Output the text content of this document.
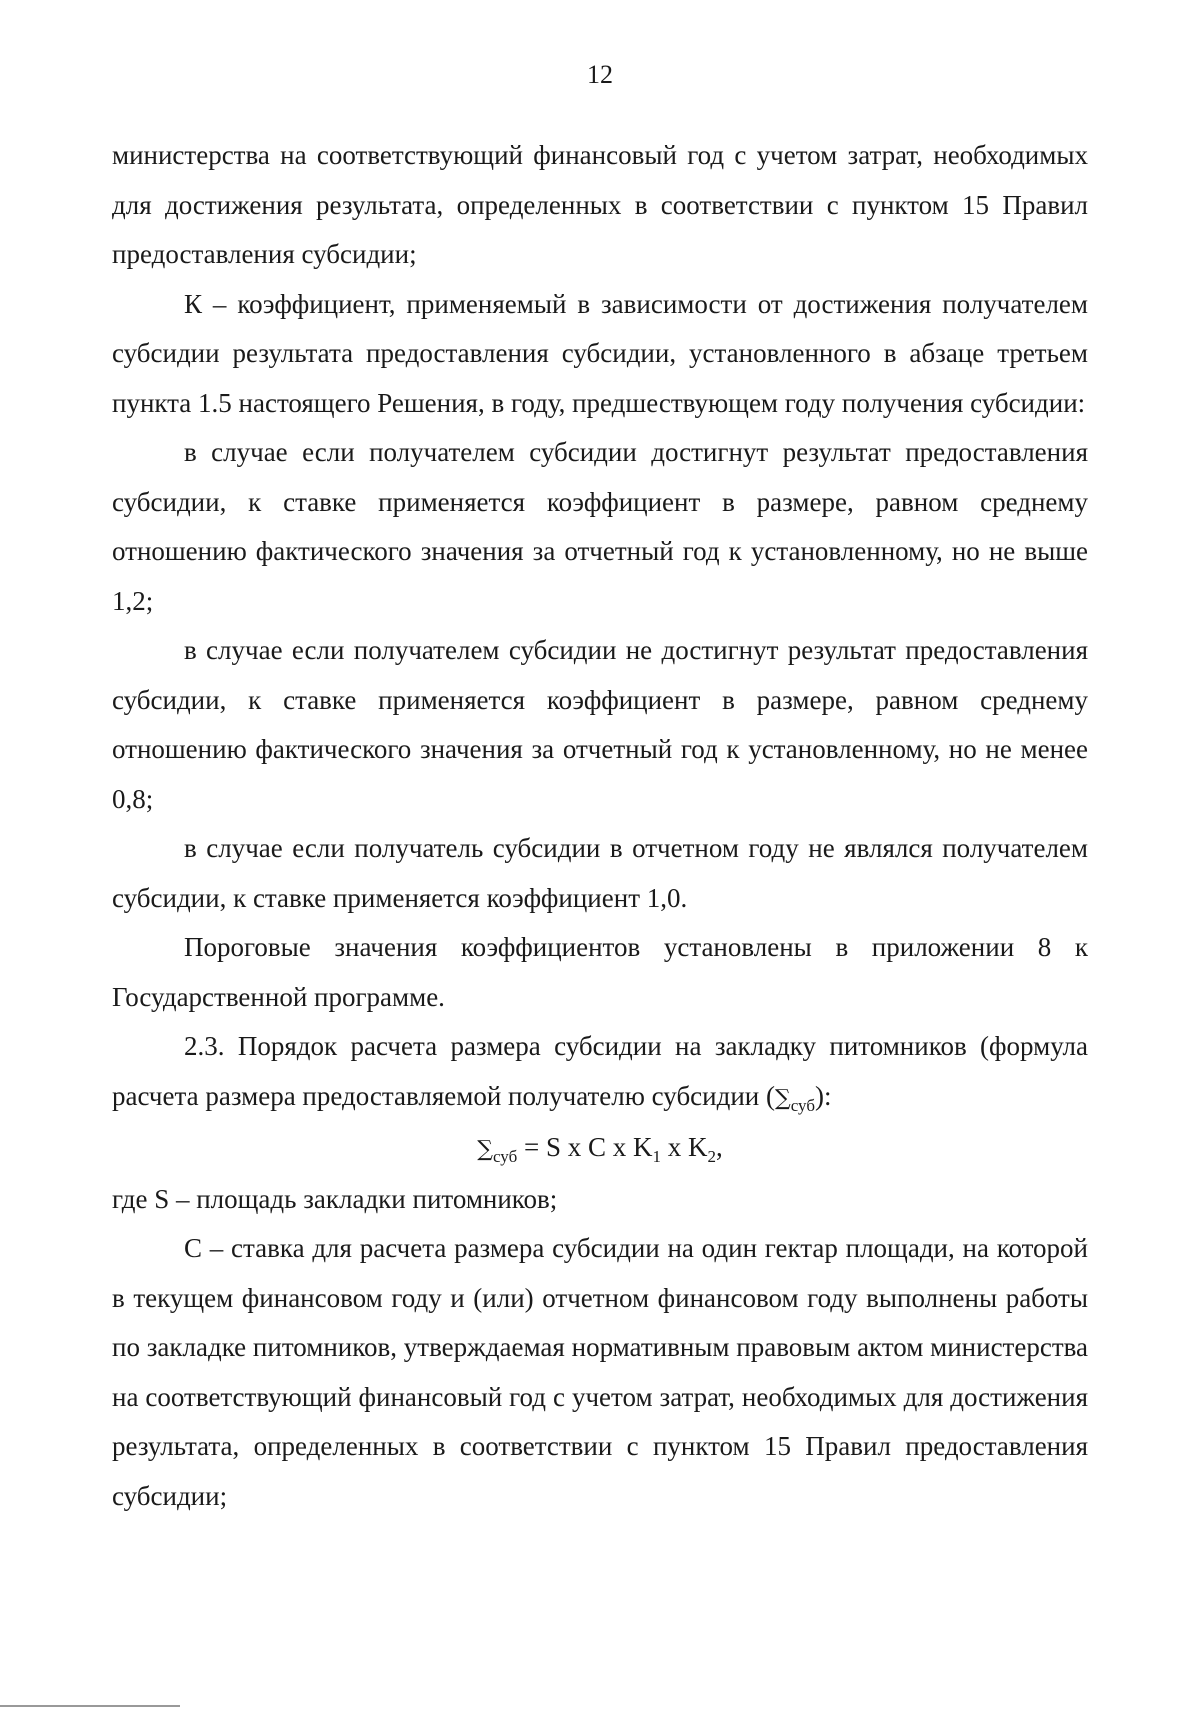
12

министерства на соответствующий финансовый год с учетом затрат, необходимых для достижения результата, определенных в соответствии с пунктом 15 Правил предоставления субсидии;

К – коэффициент, применяемый в зависимости от достижения получателем субсидии результата предоставления субсидии, установленного в абзаце третьем пункта 1.5 настоящего Решения, в году, предшествующем году получения субсидии:

в случае если получателем субсидии достигнут результат предоставления субсидии, к ставке применяется коэффициент в размере, равном среднему отношению фактического значения за отчетный год к установленному, но не выше 1,2;

в случае если получателем субсидии не достигнут результат предоставления субсидии, к ставке применяется коэффициент в размере, равном среднему отношению фактического значения за отчетный год к установленному, но не менее 0,8;

в случае если получатель субсидии в отчетном году не являлся получателем субсидии, к ставке применяется коэффициент 1,0.

Пороговые значения коэффициентов установлены в приложении 8 к Государственной программе.

2.3. Порядок расчета размера субсидии на закладку питомников (формула расчета размера предоставляемой получателю субсидии $(\sum_{суб})$:

$\sum_{суб} = S$ x C x $K_1$ x $K_2$,

где S – площадь закладки питомников;

С – ставка для расчета размера субсидии на один гектар площади, на которой в текущем финансовом году и (или) отчетном финансовом году выполнены работы по закладке питомников, утверждаемая нормативным правовым актом министерства на соответствующий финансовый год с учетом затрат, необходимых для достижения результата, определенных в соответствии с пунктом 15 Правил предоставления субсидии;
